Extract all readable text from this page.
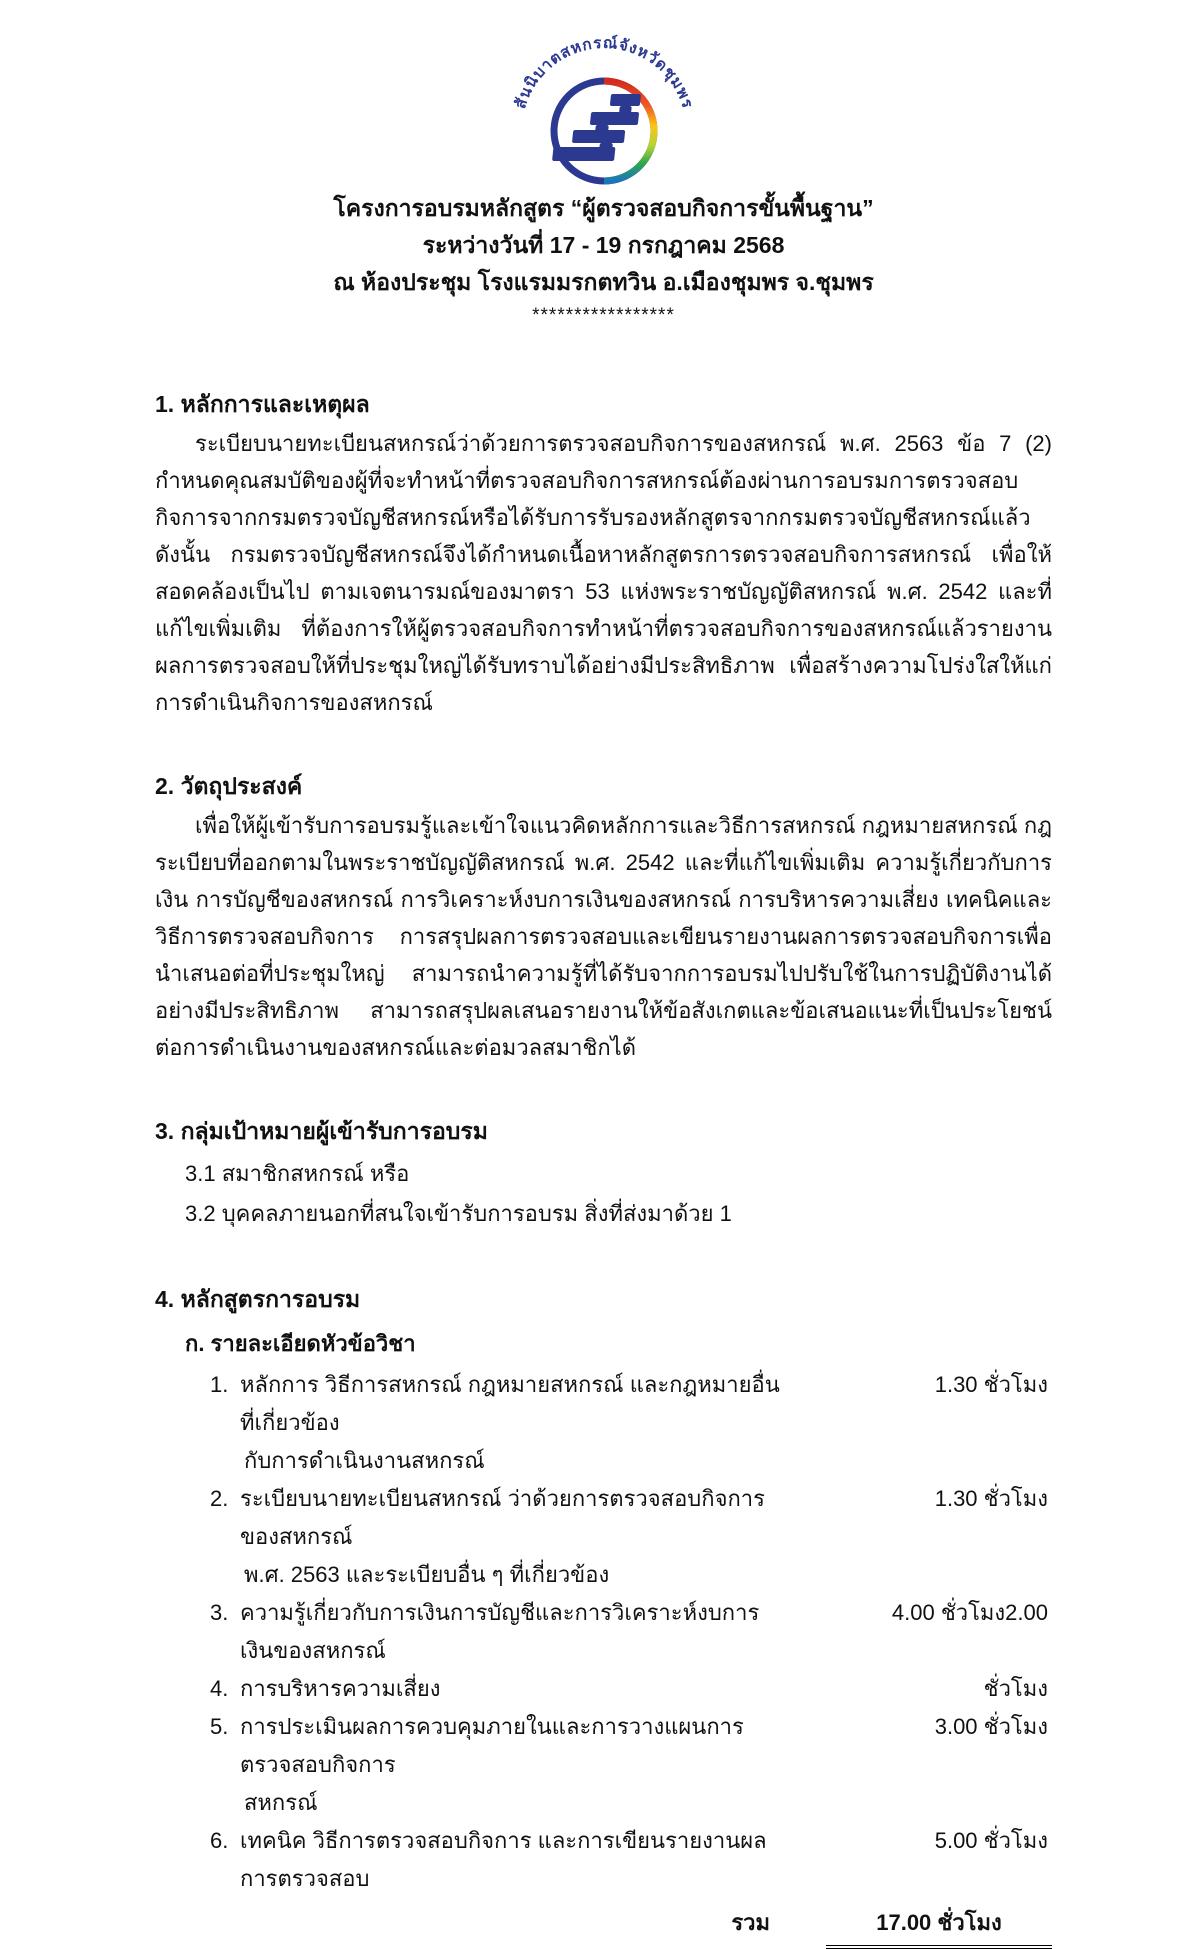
สันนิบาตสหกรณ์จังหวัดชุมพร
โครงการอบรมหลักสูตร “ผู้ตรวจสอบกิจการขั้นพื้นฐาน”
ระหว่างวันที่ 17 - 19 กรกฎาคม 2568
ณ ห้องประชุม โรงแรมมรกตทวิน อ.เมืองชุมพร จ.ชุมพร
*****************
1. หลักการและเหตุผล
ระเบียบนายทะเบียนสหกรณ์ว่าด้วยการตรวจสอบกิจการของสหกรณ์ พ.ศ. 2563 ข้อ 7 (2) กำหนดคุณสมบัติของผู้ที่จะทำหน้าที่ตรวจสอบกิจการสหกรณ์ต้องผ่านการอบรมการตรวจสอบกิจการจากกรมตรวจบัญชีสหกรณ์หรือได้รับการรับรองหลักสูตรจากกรมตรวจบัญชีสหกรณ์แล้ว ดังนั้น กรมตรวจบัญชีสหกรณ์จึงได้กำหนดเนื้อหาหลักสูตรการตรวจสอบกิจการสหกรณ์ เพื่อให้สอดคล้องเป็นไป ตามเจตนารมณ์ของมาตรา 53 แห่งพระราชบัญญัติสหกรณ์ พ.ศ. 2542 และที่แก้ไขเพิ่มเติม ที่ต้องการให้ผู้ตรวจสอบกิจการทำหน้าที่ตรวจสอบกิจการของสหกรณ์แล้วรายงานผลการตรวจสอบให้ที่ประชุมใหญ่ได้รับทราบได้อย่างมีประสิทธิภาพ เพื่อสร้างความโปร่งใสให้แก่การดำเนินกิจการของสหกรณ์
2. วัตถุประสงค์
เพื่อให้ผู้เข้ารับการอบรมรู้และเข้าใจแนวคิดหลักการและวิธีการสหกรณ์ กฎหมายสหกรณ์ กฎ ระเบียบที่ออกตามในพระราชบัญญัติสหกรณ์ พ.ศ. 2542 และที่แก้ไขเพิ่มเติม ความรู้เกี่ยวกับการเงิน การบัญชีของสหกรณ์ การวิเคราะห์งบการเงินของสหกรณ์ การบริหารความเสี่ยง เทคนิคและวิธีการตรวจสอบกิจการ การสรุปผลการตรวจสอบและเขียนรายงานผลการตรวจสอบกิจการเพื่อนำเสนอต่อที่ประชุมใหญ่ สามารถนำความรู้ที่ได้รับจากการอบรมไปปรับใช้ในการปฏิบัติงานได้อย่างมีประสิทธิภาพ สามารถสรุปผลเสนอรายงานให้ข้อสังเกตและข้อเสนอแนะที่เป็นประโยชน์ต่อการดำเนินงานของสหกรณ์และต่อมวลสมาชิกได้
3. กลุ่มเป้าหมายผู้เข้ารับการอบรม
3.1 สมาชิกสหกรณ์ หรือ
3.2 บุคคลภายนอกที่สนใจเข้ารับการอบรม สิ่งที่ส่งมาด้วย 1
4. หลักสูตรการอบรม
ก. รายละเอียดหัวข้อวิชา
1. หลักการ วิธีการสหกรณ์ กฎหมายสหกรณ์ และกฎหมายอื่นที่เกี่ยวข้อง
1.30 ชั่วโมง
กับการดำเนินงานสหกรณ์
2. ระเบียบนายทะเบียนสหกรณ์ ว่าด้วยการตรวจสอบกิจการของสหกรณ์
1.30 ชั่วโมง
พ.ศ. 2563 และระเบียบอื่น ๆ ที่เกี่ยวข้อง
3. ความรู้เกี่ยวกับการเงินการบัญชีและการวิเคราะห์งบการเงินของสหกรณ์
4.00 ชั่วโมง2.00
4. การบริหารความเสี่ยง	ชั่วโมง
5. การประเมินผลการควบคุมภายในและการวางแผนการตรวจสอบกิจการ
3.00 ชั่วโมง
สหกรณ์
6. เทคนิค วิธีการตรวจสอบกิจการ และการเขียนรายงานผลการตรวจสอบ
5.00 ชั่วโมง
รวม	17.00 ชั่วโมง
